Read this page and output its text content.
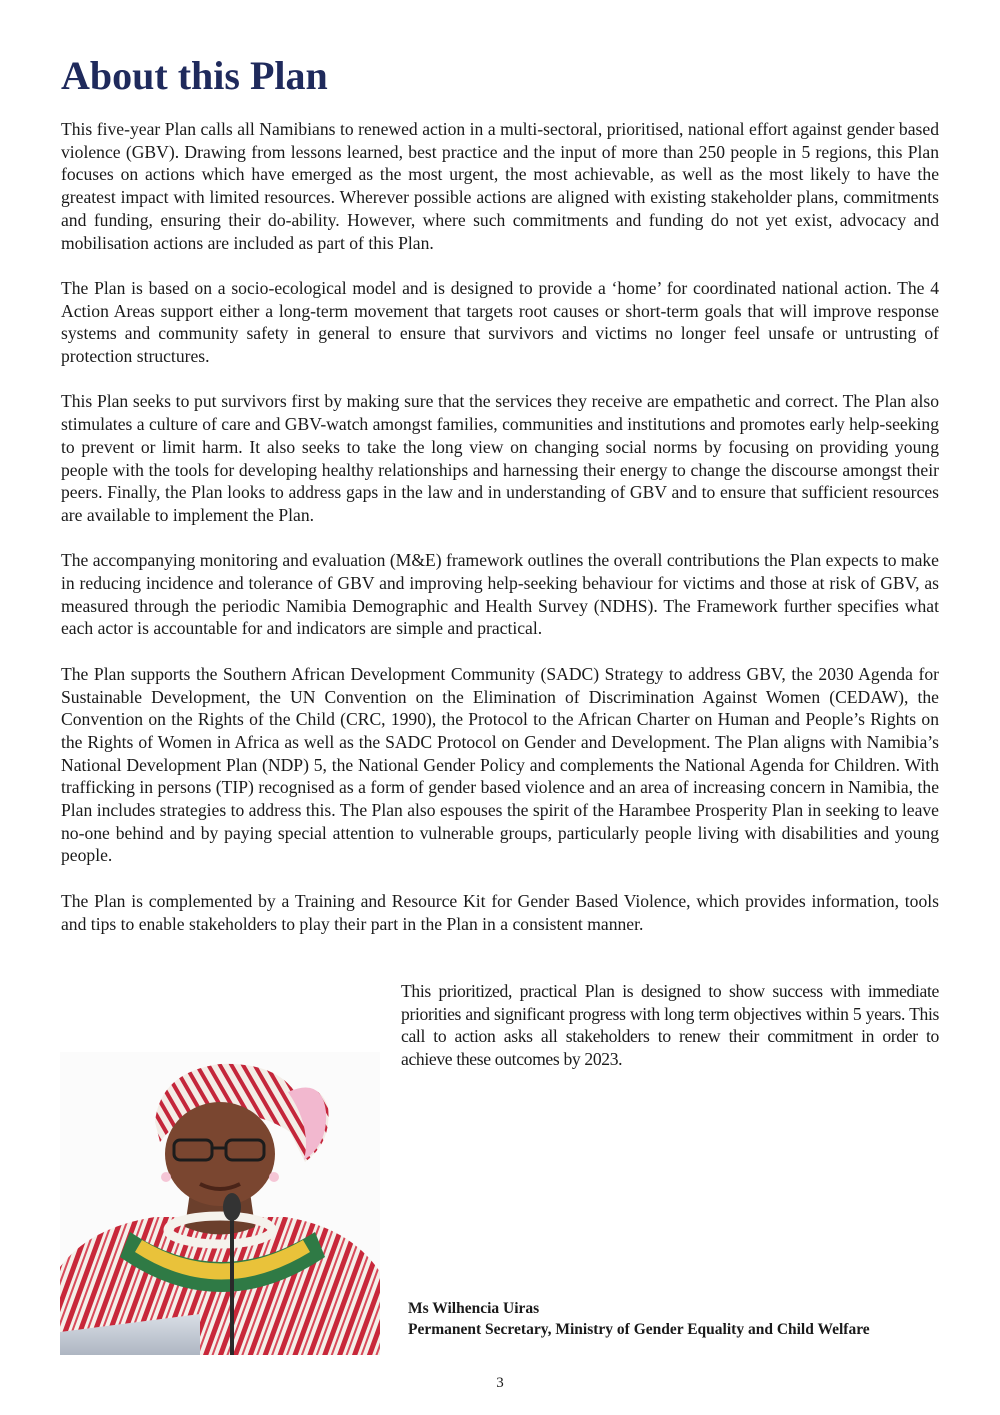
About this Plan

This five-year Plan calls all Namibians to renewed action in a multi-sectoral, prioritised, national effort against gender based violence (GBV). Drawing from lessons learned, best practice and the input of more than 250 people in 5 regions, this Plan focuses on actions which have emerged as the most urgent, the most achievable, as well as the most likely to have the greatest impact with limited resources. Wherever possible actions are aligned with existing stakeholder plans, commitments and funding, ensuring their do-ability. However, where such commitments and funding do not yet exist, advocacy and mobilisation actions are included as part of this Plan.

The Plan is based on a socio-ecological model and is designed to provide a ‘home’ for coordinated national action. The 4 Action Areas support either a long-term movement that targets root causes or short-term goals that will improve response systems and community safety in general to ensure that survivors and victims no longer feel unsafe or untrusting of protection structures.

This Plan seeks to put survivors first by making sure that the services they receive are empathetic and correct. The Plan also stimulates a culture of care and GBV-watch amongst families, communities and institutions and promotes early help-seeking to prevent or limit harm. It also seeks to take the long view on changing social norms by focusing on providing young people with the tools for developing healthy relationships and harnessing their energy to change the discourse amongst their peers. Finally, the Plan looks to address gaps in the law and in understanding of GBV and to ensure that sufficient resources are available to implement the Plan.

The accompanying monitoring and evaluation (M&E) framework outlines the overall contributions the Plan expects to make in reducing incidence and tolerance of GBV and improving help-seeking behaviour for victims and those at risk of GBV, as measured through the periodic Namibia Demographic and Health Survey (NDHS). The Framework further specifies what each actor is accountable for and indicators are simple and practical.

The Plan supports the Southern African Development Community (SADC) Strategy to address GBV, the 2030 Agenda for Sustainable Development, the UN Convention on the Elimination of Discrimination Against Women (CEDAW), the Convention on the Rights of the Child (CRC, 1990), the Protocol to the African Charter on Human and People’s Rights on the Rights of Women in Africa as well as the SADC Protocol on Gender and Development. The Plan aligns with Namibia’s National Development Plan (NDP) 5, the National Gender Policy and complements the National Agenda for Children. With trafficking in persons (TIP) recognised as a form of gender based violence and an area of increasing concern in Namibia, the Plan includes strategies to address this. The Plan also espouses the spirit of the Harambee Prosperity Plan in seeking to leave no-one behind and by paying special attention to vulnerable groups, particularly people living with disabilities and young people.

The Plan is complemented by a Training and Resource Kit for Gender Based Violence, which provides information, tools and tips to enable stakeholders to play their part in the Plan in a consistent manner.

This prioritized, practical Plan is designed to show success with immediate priorities and significant progress with long term objectives within 5 years. This call to action asks all stakeholders to renew their commitment in order to achieve these outcomes by 2023.

Ms Wilhencia Uiras
Permanent Secretary, Ministry of Gender Equality and Child Welfare
3
